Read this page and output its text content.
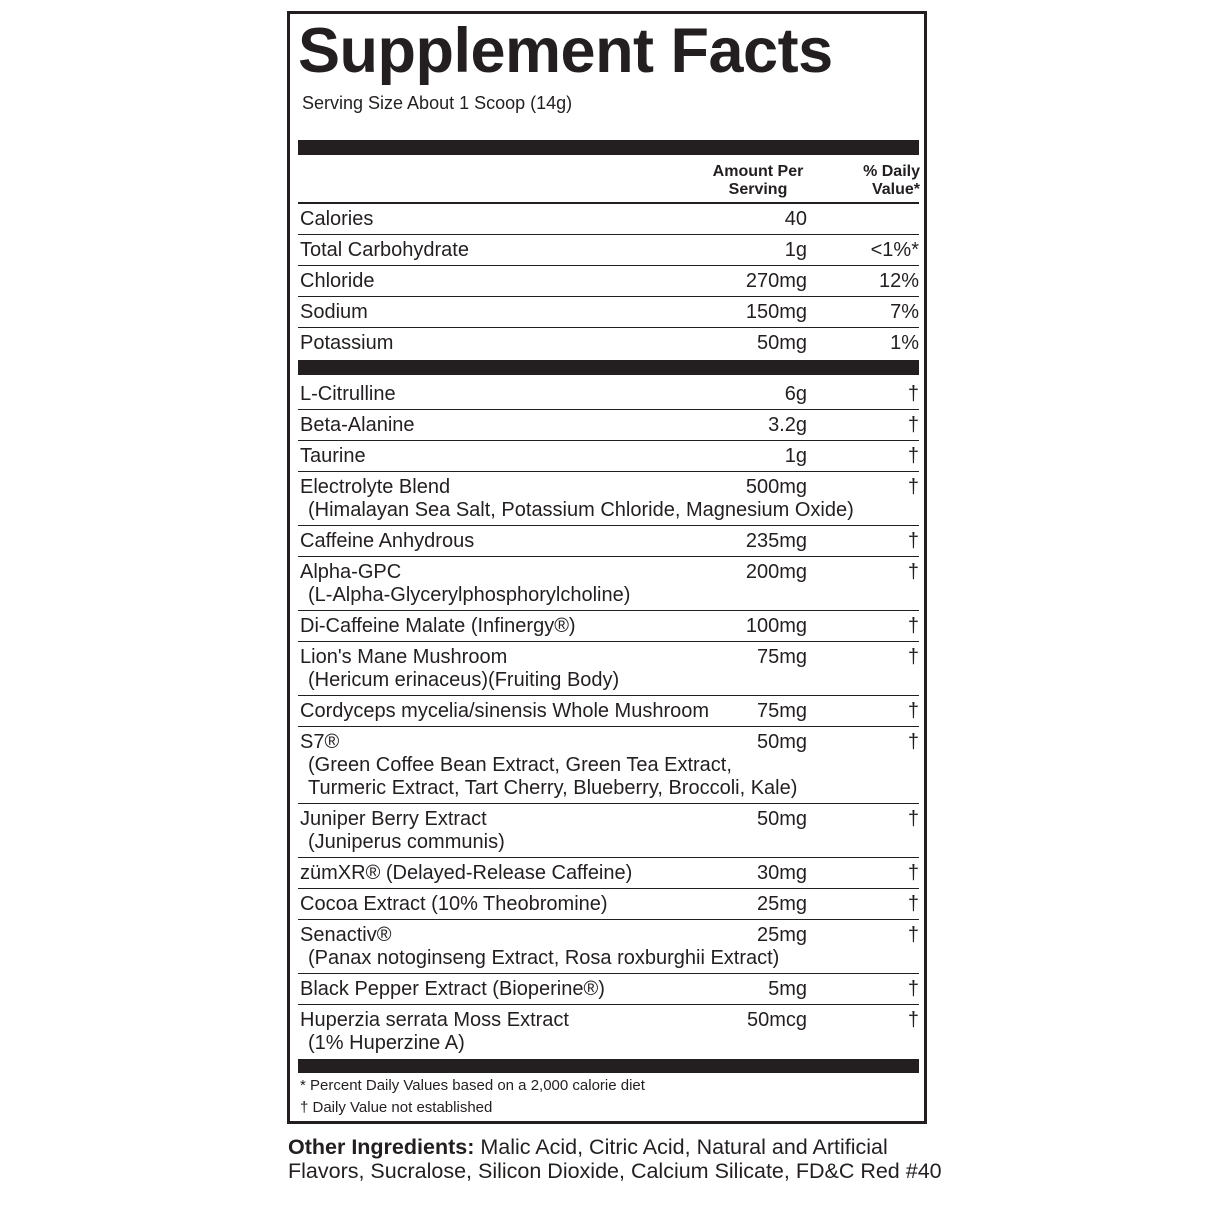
Supplement Facts
Serving Size About 1 Scoop (14g)
Amount Per
Serving
% Daily
Value*
Calories	40
Total Carbohydrate	1g	<1%*
Chloride	270mg	12%
Sodium	150mg	7%
Potassium	50mg	1%
L-Citrulline	6g	†
Beta-Alanine	3.2g	†
Taurine	1g	†
Electrolyte Blend
(Himalayan Sea Salt, Potassium Chloride, Magnesium Oxide)
500mg	†
Caffeine Anhydrous	235mg	†
Alpha-GPC
(L-Alpha-Glycerylphosphorylcholine)
200mg	†
Di-Caffeine Malate (Infinergy®)	100mg	†
Lion's Mane Mushroom
(Hericum erinaceus)(Fruiting Body)
75mg	†
Cordyceps mycelia/sinensis Whole Mushroom 75mg	†
S7®
(Green Coffee Bean Extract, Green Tea Extract,
Turmeric Extract, Tart Cherry, Blueberry, Broccoli, Kale)
50mg	†
Juniper Berry Extract
(Juniperus communis)
50mg	†
zümXR® (Delayed-Release Caffeine)	30mg	†
Cocoa Extract (10% Theobromine)	25mg	†
Senactiv®
(Panax notoginseng Extract, Rosa roxburghii Extract)
25mg	†
Black Pepper Extract (Bioperine®)	5mg	†
Huperzia serrata Moss Extract
(1% Huperzine A)
50mcg	†
* Percent Daily Values based on a 2,000 calorie diet
† Daily Value not established
Other Ingredients: Malic Acid, Citric Acid, Natural and Artificial Flavors, Sucralose, Silicon Dioxide, Calcium Silicate, FD&C Red #40
